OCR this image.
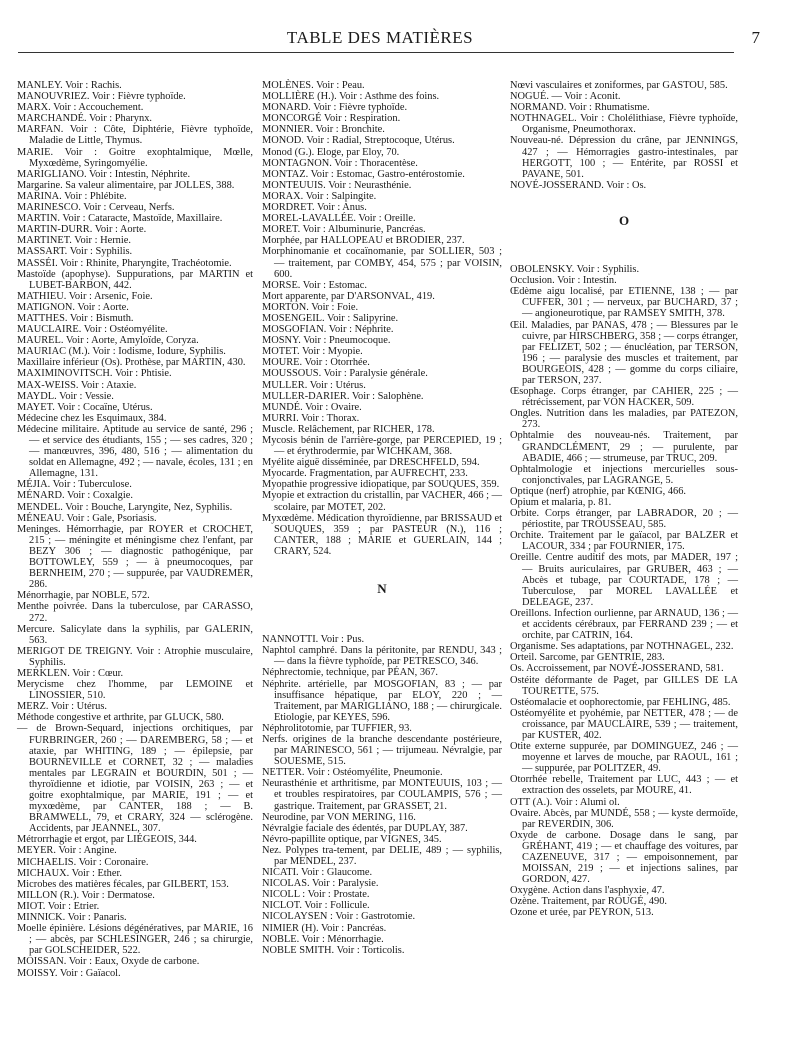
TABLE DES MATIÈRES	7
MANLEY. Voir : Rachis.
MANOUVRIEZ. Voir : Fièvre typhoïde.
MARX. Voir : Accouchement.
MARCHANDÉ. Voir : Pharynx.
MARFAN. Voir : Côte, Diphtérie, Fièvre typhoïde, Maladie de Little, Thymus.
MARIE. Voir : Goitre exophtalmique, Mœlle, Myxœdème, Syringomyélie.
MARIGLIANO. Voir : Intestin, Néphrite.
Margarine. Sa valeur alimentaire, par JOLLES, 388.
MARINA. Voir : Phlébite.
MARINESCO. Voir : Cerveau, Nerfs.
MARTIN. Voir : Cataracte, Mastoïde, Maxillaire.
MARTIN-DURR. Voir : Aorte.
MARTINET. Voir : Hernie.
MASSART. Voir : Syphilis.
MASSÉI. Voir : Rhinite, Pharyngite, Trachéotomie.
Mastoïde (apophyse). Suppurations, par MARTIN et LUBET-BARBON, 442.
MATHIEU. Voir : Arsenic, Foie.
MATIGNON. Voir : Aorte.
MATTHES. Voir : Bismuth.
MAUCLAIRE. Voir : Ostéomyélite.
MAUREL. Voir : Aorte, Amyloïde, Coryza.
MAURIAC (M.). Voir : Iodisme, Iodure, Syphilis.
Maxillaire inférieur (Os). Prothèse, par MARTIN, 430.
MAXIMINOVITSCH. Voir : Phtisie.
MAX-WEISS. Voir : Ataxie.
MAYDL. Voir : Vessie.
MAYET. Voir : Cocaïne, Utérus.
Médecine chez les Esquimaux, 384.
Médecine militaire. Aptitude au service de santé, 296 ; — et service des étudiants, 155 ; — ses cadres, 320 ; — manœuvres, 396, 480, 516 ; — alimentation du soldat en Allemagne, 492 ; — navale, écoles, 131 ; en Allemagne, 131.
MÉJIA. Voir : Tuberculose.
MÉNARD. Voir : Coxalgie.
MENDEL. Voir : Bouche, Laryngite, Nez, Syphilis.
MÉNEAU. Voir : Gale, Psoriasis.
Meninges. Hémorrhagie, par ROYER et CROCHET, 215 ; — méningite et méningisme chez l'enfant, par BEZY 306 ; — diagnostic pathogénique, par BOTTOWLEY, 559 ; — à pneumocoques, par BERNHEIM, 270 ; — suppurée, par VAUDREMER, 286.
Ménorrhagie, par NOBLE, 572.
Menthe poivrée. Dans la tuberculose, par CARASSO, 272.
Mercure. Salicylate dans la syphilis, par GALERIN, 563.
MERIGOT DE TREIGNY. Voir : Atrophie musculaire, Syphilis.
MERKLEN. Voir : Cœur.
Merycisme chez l'homme, par LEMOINE et LINOSSIER, 510.
MERZ. Voir : Utérus.
Méthode congestive et arthrite, par GLUCK, 580.
— de Brown-Sequard, injections orchitiques, par FURBRINGER, 260 ; — DAREMBERG, 58 ; — et ataxie, par WHITING, 189 ; — épilepsie, par BOURNEVILLE et CORNET, 32 ; — maladies mentales par LEGRAIN et BOURDIN, 501 ; — thyroïdienne et idiotie, par VOISIN, 263 ; — et goitre exophtalmique, par MARIE, 191 ; — et myxœdème, par CANTER, 188 ; — B. BRAMWELL, 79, et CRARY, 324 — sclérogène. Accidents, par JEANNEL, 307.
Métrorrhagie et ergot, par LIÉGEOIS, 344.
MEYER. Voir : Angine.
MICHAELIS. Voir : Coronaire.
MICHAUX. Voir : Ether.
Microbes des matières fécales, par GILBERT, 153.
MILLON (R.). Voir : Dermatose.
MIOT. Voir : Etrier.
MINNICK. Voir : Panaris.
Moelle épinière. Lésions dégénératives, par MARIE, 16 ; — abcès, par SCHLESINGER, 246 ; sa chirurgie, par GOLSCHEIDER, 522.
MOISSAN. Voir : Eaux, Oxyde de carbone.
MOISSY. Voir : Gaïacol.
MOLÈNES. Voir : Peau.
MOLLIÈRE (H.). Voir : Asthme des foins.
MONARD. Voir : Fièvre typhoïde.
MONCORGÉ Voir : Respiration.
MONNIER. Voir : Bronchite.
MONOD. Voir : Radial, Streptocoque, Utérus.
Monod (G.). Eloge, par Eloy, 70.
MONTAGNON. Voir : Thoracentèse.
MONTAZ. Voir : Estomac, Gastro-entérostomie.
MONTEUUIS. Voir : Neurasthénie.
MORAX. Voir : Salpingite.
MORDRET. Voir : Anus.
MOREL-LAVALLÉE. Voir : Oreille.
MORET. Voir : Albuminurie, Pancréas.
Morphée, par HALLOPEAU et BRODIER, 237.
Morphinomanie et cocaïnomanie, par SOLLIER, 503 ; — traitement, par COMBY, 454, 575 ; par VOISIN, 600.
MORSE. Voir : Estomac.
Mort apparente, par D'ARSONVAL, 419.
MORTON. Voir : Foie.
MOSENGEIL. Voir : Salipyrine.
MOSGOFIAN. Voir : Néphrite.
MOSNY. Voir : Pneumocoque.
MOTET. Voir : Myopie.
MOURE. Voir : Otorrhée.
MOUSSOUS. Voir : Paralysie générale.
MULLER. Voir : Utérus.
MULLER-DARIER. Voir : Salophène.
MUNDÉ. Voir : Ovaire.
MURRI. Voir : Thorax.
Muscle. Relâchement, par RICHER, 178.
Mycosis bénin de l'arrière-gorge, par PERCEPIED, 19 ; — et érythrodermie, par WICHKAM, 368.
Myélite aiguë disséminée, par DRESCHFELD, 594.
Myocarde. Fragmentation, par AUFRECHT, 233.
Myopathie progressive idiopatique, par SOUQUES, 359.
Myopie et extraction du cristallin, par VACHER, 466 ; — scolaire, par MOTET, 202.
Myxœdème. Médication thyroïdienne, par BRISSAUD et SOUQUES, 359 ; par PASTEUR (N.), 116 ; CANTER, 188 ; MARIE et GUERLAIN, 144 ; CRARY, 524.
N
NANNOTTI. Voir : Pus.
Naphtol camphré. Dans la péritonite, par RENDU, 343 ; — dans la fièvre typhoïde, par PETRESCO, 346.
Néphrectomie, technique, par PÉAN, 367.
Néphrite. artérielle, par MOSGOFIAN, 83 ; — par insuffisance hépatique, par ELOY, 220 ; — Traitement, par MARIGLIANO, 188 ; — chirurgicale. Etiologie, par KEYES, 596.
Néphrolitotomie, par TUFFIER, 93.
Nerfs. origines de la branche descendante postérieure, par MARINESCO, 561 ; — trijumeau. Névralgie, par SOUESME, 515.
NETTER. Voir : Ostéomyélite, Pneumonie.
Neurasthénie et arthritisme, par MONTEUUIS, 103 ; — et troubles respiratoires, par COULAMPIS, 576 ; — gastrique. Traitement, par GRASSET, 21.
Neurodine, par VON MERING, 116.
Névralgie faciale des édentés, par DUPLAY, 387.
Névro-papillite optique, par VIGNES, 345.
Nez. Polypes tra-tement, par DELIE, 489 ; — syphilis, par MENDEL, 237.
NICATI. Voir : Glaucome.
NICOLAS. Voir : Paralysie.
NICOLL : Voir : Prostate.
NICLOT. Voir : Follicule.
NICOLAYSEN : Voir : Gastrotomie.
NIMIER (H). Voir : Pancréas.
NOBLE. Voir : Ménorrhagie.
NOBLE SMITH. Voir : Torticolis.
Nœvi vasculaires et zoniformes, par GASTOU, 585.
NOGUÉ. — Voir : Aconit.
NORMAND. Voir : Rhumatisme.
NOTHNAGEL. Voir : Cholélithiase, Fièvre typhoïde, Organisme, Pneumothorax.
Nouveau-né. Dépression du crâne, par JENNINGS, 427 ; — Hémorragies gastro-intestinales, par HERGOTT, 100 ; — Entérite, par ROSSI et PAVANE, 501.
NOVÉ-JOSSERAND. Voir : Os.
O
OBOLENSKY. Voir : Syphilis.
Occlusion. Voir : Intestin.
Œdème aigu localisé, par ETIENNE, 138 ; — par CUFFER, 301 ; — nerveux, par BUCHARD, 37 ; — angioneurotique, par RAMSEY SMITH, 378.
Œil. Maladies, par PANAS, 478 ; — Blessures par le cuivre, par HIRSCHBERG, 358 ; — corps étranger, par FELIZET, 502 ; — énucléation, par TERSON, 196 ; — paralysie des muscles et traitement, par BOURGEOIS, 428 ; — gomme du corps ciliaire, par TERSON, 237.
Œsophage. Corps étranger, par CAHIER, 225 ; — rétrécissement, par VON HACKER, 509.
Ongles. Nutrition dans les maladies, par PATEZON, 273.
Ophtalmie des nouveau-nés. Traitement, par GRANDCLÉMENT, 29 ; — purulente, par ABADIE, 466 ; — strumeuse, par TRUC, 209.
Ophtalmologie et injections mercurielles sous-conjonctivales, par LAGRANGE, 5.
Optique (nerf) atrophie, par KŒNIG, 466.
Opium et malaria, p. 81.
Orbite. Corps étranger, par LABRADOR, 20 ; — périostite, par TROUSSEAU, 585.
Orchite. Traitement par le gaïacol, par BALZER et LACOUR, 334 ; par FOURNIER, 175.
Oreille. Centre auditif des mots, par MADER, 197 ; — Bruits auriculaires, par GRUBER, 463 ; — Abcès et tubage, par COURTADE, 178 ; — Tuberculose, par MOREL LAVALLÉE et DELEAGE, 237.
Oreillons. Infection ourlienne, par ARNAUD, 136 ; — et accidents cérébraux, par FERRAND 239 ; — et orchite, par CATRIN, 164.
Organisme. Ses adaptations, par NOTHNAGEL, 232.
Orteil. Sarcome, par GENTRIE, 283.
Os. Accroissement, par NOVÉ-JOSSERAND, 581.
Ostéite déformante de Paget, par GILLES DE LA TOURETTE, 575.
Ostéomalacie et oophorectomie, par FEHLING, 485.
Ostéomyélite et pyohémie, par NETTER, 478 ; — de croissance, par MAUCLAIRE, 539 ; — traitement, par KUSTER, 402.
Otite externe suppurée, par DOMINGUEZ, 246 ; — moyenne et larves de mouche, par RAOUL, 161 ; — suppurée, par POLITZER, 49.
Otorrhée rebelle, Traitement par LUC, 443 ; — et extraction des osselets, par MOURE, 41.
OTT (A.). Voir : Alumi ol.
Ovaire. Abcès, par MUNDÉ, 558 ; — kyste dermoïde, par REVERDIN, 306.
Oxyde de carbone. Dosage dans le sang, par GRÉHANT, 419 ; — et chauffage des voitures, par CAZENEUVE, 317 ; — empoisonnement, par MOISSAN, 219 ; — et injections salines, par GORDON, 427.
Oxygène. Action dans l'asphyxie, 47.
Ozène. Traitement, par ROUGÉ, 490.
Ozone et urée, par PEYRON, 513.
